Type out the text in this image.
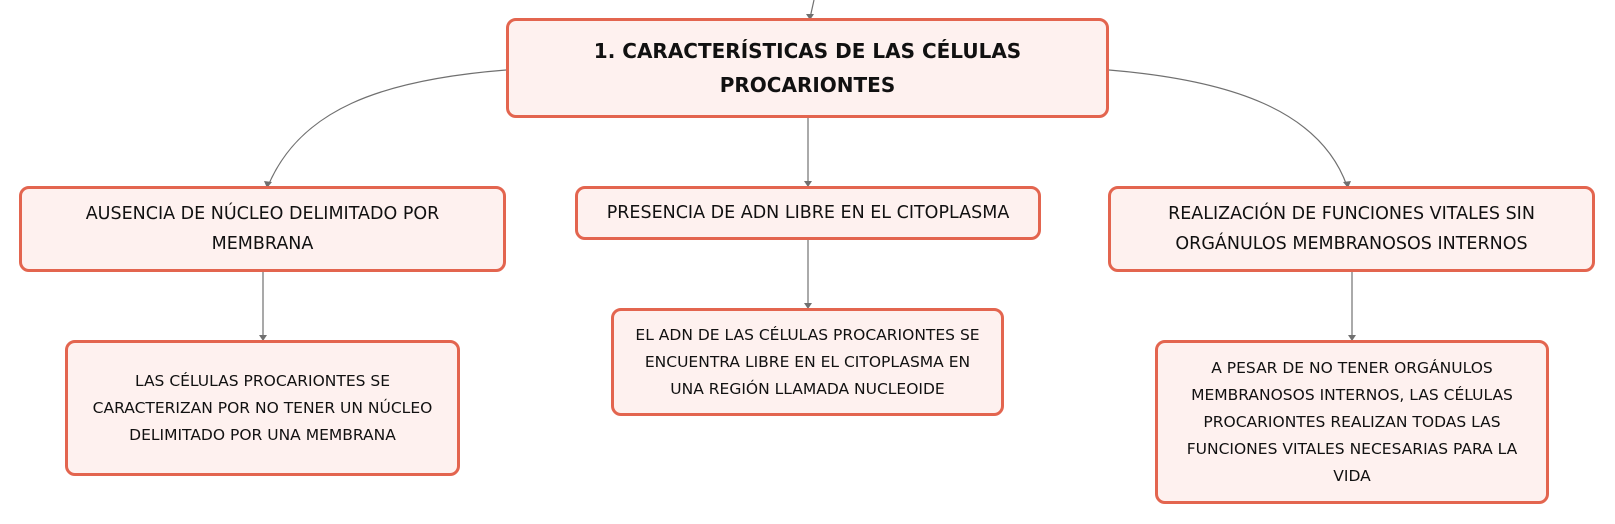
1. CARACTERÍSTICAS DE LAS CÉLULAS PROCARIONTES
AUSENCIA DE NÚCLEO DELIMITADO POR MEMBRANA
PRESENCIA DE ADN LIBRE EN EL CITOPLASMA	REALIZACIÓN DE FUNCIONES VITALES SIN ORGÁNULOS MEMBRANOSOS INTERNOS
LAS CÉLULAS PROCARIONTES SE CARACTERIZAN POR NO TENER UN NÚCLEO DELIMITADO POR UNA MEMBRANA
EL ADN DE LAS CÉLULAS PROCARIONTES SE ENCUENTRA LIBRE EN EL CITOPLASMA EN UNA REGIÓN LLAMADA NUCLEOIDE
A PESAR DE NO TENER ORGÁNULOS MEMBRANOSOS INTERNOS, LAS CÉLULAS PROCARIONTES REALIZAN TODAS LAS FUNCIONES VITALES NECESARIAS PARA LA VIDA
